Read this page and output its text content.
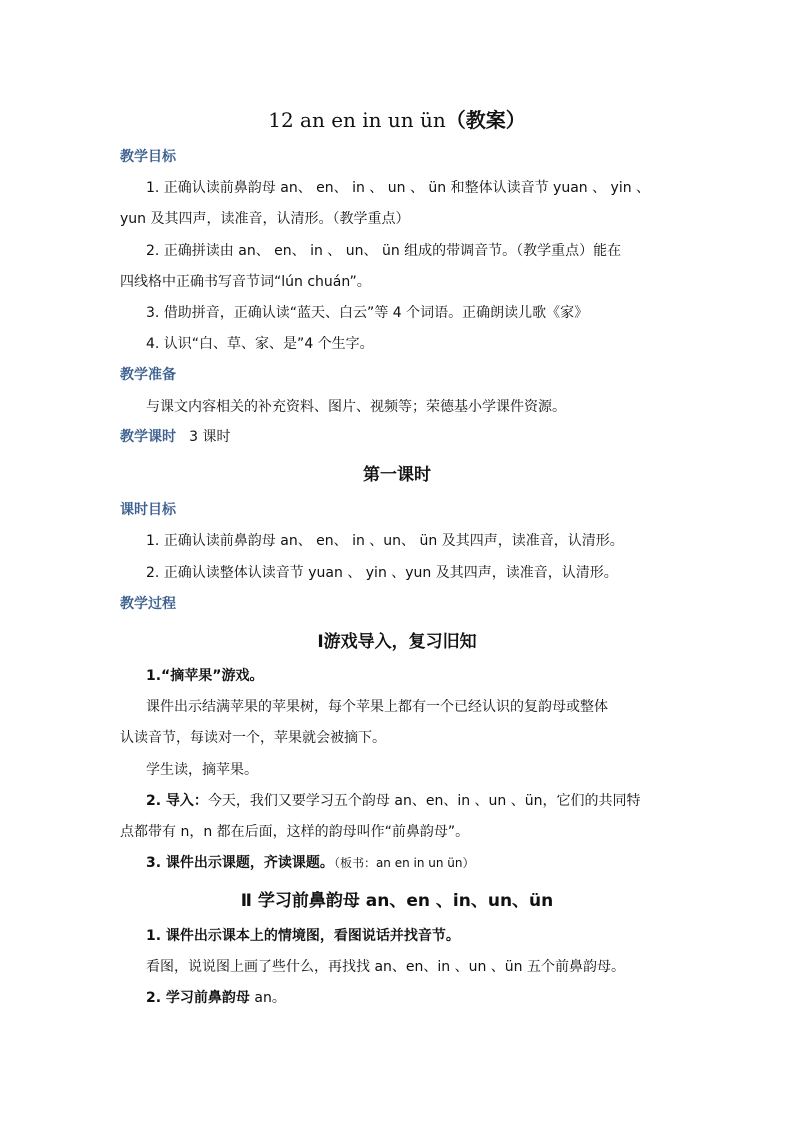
12 an en in un ün（教案）
教学目标
1. 正确认读前鼻韵母 an、 en、 in 、 un 、 ün 和整体认读音节 yuan 、 yin 、
yun 及其四声，读准音，认清形。（教学重点）
2. 正确拼读由 an、 en、 in 、 un、 ün 组成的带调音节。（教学重点）能在
四线格中正确书写音节词“lún chuán”。
3. 借助拼音，正确认读“蓝天、白云”等 4 个词语。正确朗读儿歌《家》
4. 认识“白、草、家、是”4 个生字。
教学准备
与课文内容相关的补充资料、图片、视频等；荣德基小学课件资源。
教学课时 3 课时
第一课时
课时目标
1. 正确认读前鼻韵母 an、 en、 in 、un、 ün 及其四声，读准音，认清形。
2. 正确认读整体认读音节 yuan 、 yin 、yun 及其四声，读准音，认清形。
教学过程
Ⅰ游戏导入，复习旧知
1.“摘苹果”游戏。
课件出示结满苹果的苹果树，每个苹果上都有一个已经认识的复韵母或整体
认读音节，每读对一个，苹果就会被摘下。
学生读，摘苹果。
2. 导入：今天，我们又要学习五个韵母 an、en、in 、un 、ün，它们的共同特
点都带有 n，n 都在后面，这样的韵母叫作“前鼻韵母”。
3. 课件出示课题，齐读课题。（板书：an en in un ün）
Ⅱ 学习前鼻韵母 an、en 、in、un、ün
1. 课件出示课本上的情境图，看图说话并找音节。
看图，说说图上画了些什么，再找找 an、en、in 、un 、ün 五个前鼻韵母。
2. 学习前鼻韵母 an。
